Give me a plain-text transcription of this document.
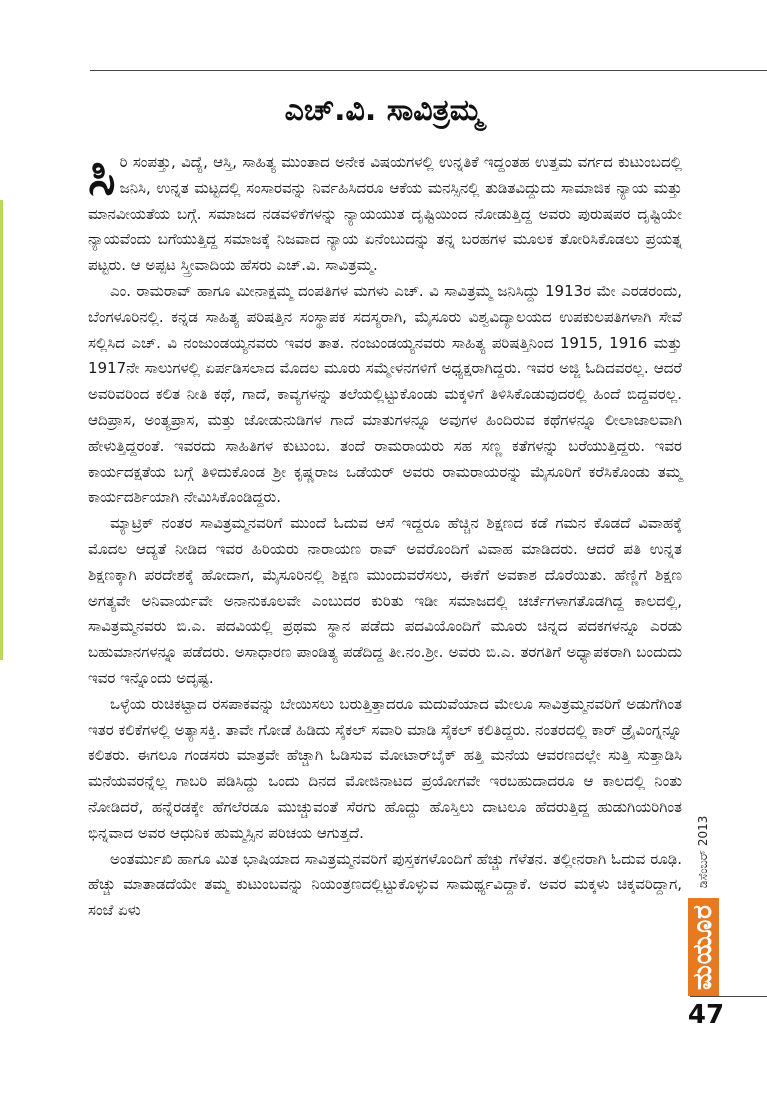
ಎಚ್.ವಿ. ಸಾವಿತ್ರಮ್ಮ

ಸಿರಿ ಸಂಪತ್ತು, ವಿದ್ಯೆ, ಆಸ್ತಿ, ಸಾಹಿತ್ಯ ಮುಂತಾದ ಅನೇಕ ವಿಷಯಗಳಲ್ಲಿ ಉನ್ನತಿಕೆ ಇದ್ದಂತಹ ಉತ್ತಮ ವರ್ಗದ ಕುಟುಂಬದಲ್ಲಿ ಜನಿಸಿ, ಉನ್ನತ ಮಟ್ಟದಲ್ಲಿ ಸಂಸಾರವನ್ನು ನಿರ್ವಹಿಸಿದರೂ ಆಕೆಯ ಮನಸ್ಸಿನಲ್ಲಿ ತುಡಿತವಿದ್ದುದು ಸಾಮಾಜಿಕ ನ್ಯಾಯ ಮತ್ತು ಮಾನವೀಯತೆಯ ಬಗ್ಗೆ. ಸಮಾಜದ ನಡವಳಿಕೆಗಳನ್ನು ನ್ಯಾಯಯುತ ದೃಷ್ಟಿಯಿಂದ ನೋಡುತ್ತಿದ್ದ ಅವರು ಪುರುಷಪರ ದೃಷ್ಟಿಯೇ ನ್ಯಾಯವೆಂದು ಬಗೆಯುತ್ತಿದ್ದ ಸಮಾಜಕ್ಕೆ ನಿಜವಾದ ನ್ಯಾಯ ಏನೆಂಬುದನ್ನು ತನ್ನ ಬರಹಗಳ ಮೂಲಕ ತೋರಿಸಿಕೊಡಲು ಪ್ರಯತ್ನ ಪಟ್ಟರು. ಆ ಅಪ್ಪಟ ಸ್ತ್ರೀವಾದಿಯ ಹೆಸರು ಎಚ್.ವಿ. ಸಾವಿತ್ರಮ್ಮ.

ಎಂ. ರಾಮರಾವ್ ಹಾಗೂ ಮೀನಾಕ್ಷಮ್ಮ ದಂಪತಿಗಳ ಮಗಳು ಎಚ್. ವಿ ಸಾವಿತ್ರಮ್ಮ ಜನಿಸಿದ್ದು 1913ರ ಮೇ ಎರಡರಂದು, ಬೆಂಗಳೂರಿನಲ್ಲಿ. ಕನ್ನಡ ಸಾಹಿತ್ಯ ಪರಿಷತ್ತಿನ ಸಂಸ್ಥಾಪಕ ಸದಸ್ಯರಾಗಿ, ಮೈಸೂರು ವಿಶ್ವವಿದ್ಯಾಲಯದ ಉಪಕುಲಪತಿಗಳಾಗಿ ಸೇವೆ ಸಲ್ಲಿಸಿದ ಎಚ್. ವಿ ನಂಜುಂಡಯ್ಯನವರು ಇವರ ತಾತ. ನಂಜುಂಡಯ್ಯನವರು ಸಾಹಿತ್ಯ ಪರಿಷತ್ತಿನಿಂದ 1915, 1916 ಮತ್ತು 1917ನೇ ಸಾಲುಗಳಲ್ಲಿ ಏರ್ಪಡಿಸಲಾದ ಮೊದಲ ಮೂರು ಸಮ್ಮೇಳನಗಳಿಗೆ ಅಧ್ಯಕ್ಷರಾಗಿದ್ದರು. ಇವರ ಅಜ್ಜಿ ಓದಿದವರಲ್ಲ. ಆದರೆ ಅವರಿವರಿಂದ ಕಲಿತ ನೀತಿ ಕಥೆ, ಗಾದೆ, ಕಾವ್ಯಗಳನ್ನು ತಲೆಯಲ್ಲಿಟ್ಟುಕೊಂಡು ಮಕ್ಕಳಿಗೆ ತಿಳಿಸಿಕೊಡುವುದರಲ್ಲಿ ಹಿಂದೆ ಬಿದ್ದವರಲ್ಲ. ಆದಿಪ್ರಾಸ, ಅಂತ್ಯಪ್ರಾಸ, ಮತ್ತು ಜೋಡುನುಡಿಗಳ ಗಾದೆ ಮಾತುಗಳನ್ನೂ ಅವುಗಳ ಹಿಂದಿರುವ ಕಥೆಗಳನ್ನೂ ಲೀಲಾಜಾಲವಾಗಿ ಹೇಳುತ್ತಿದ್ದರಂತೆ. ಇವರದು ಸಾಹಿತಿಗಳ ಕುಟುಂಬ. ತಂದೆ ರಾಮರಾಯರು ಸಹ ಸಣ್ಣ ಕತೆಗಳನ್ನು ಬರೆಯುತ್ತಿದ್ದರು. ಇವರ ಕಾರ್ಯದಕ್ಷತೆಯ ಬಗ್ಗೆ ತಿಳಿದುಕೊಂಡ ಶ್ರೀ ಕೃಷ್ಣರಾಜ ಒಡೆಯರ್ ಅವರು ರಾಮರಾಯರನ್ನು ಮೈಸೂರಿಗೆ ಕರೆಸಿಕೊಂಡು ತಮ್ಮ ಕಾರ್ಯದರ್ಶಿಯಾಗಿ ನೇಮಿಸಿಕೊಂಡಿದ್ದರು.

ಮ್ಯಾಟ್ರಿಕ್ ನಂತರ ಸಾವಿತ್ರಮ್ಮನವರಿಗೆ ಮುಂದೆ ಓದುವ ಆಸೆ ಇದ್ದರೂ ಹೆಚ್ಚಿನ ಶಿಕ್ಷಣದ ಕಡೆ ಗಮನ ಕೊಡದೆ ವಿವಾಹಕ್ಕೆ ಮೊದಲ ಆದ್ಯತೆ ನೀಡಿದ ಇವರ ಹಿರಿಯರು ನಾರಾಯಣ ರಾವ್ ಅವರೊಂದಿಗೆ ವಿವಾಹ ಮಾಡಿದರು. ಆದರೆ ಪತಿ ಉನ್ನತ ಶಿಕ್ಷಣಕ್ಕಾಗಿ ಪರದೇಶಕ್ಕೆ ಹೋದಾಗ, ಮೈಸೂರಿನಲ್ಲಿ ಶಿಕ್ಷಣ ಮುಂದುವರೆಸಲು, ಈಕೆಗೆ ಅವಕಾಶ ದೊರೆಯಿತು. ಹೆಣ್ಣಿಗೆ ಶಿಕ್ಷಣ ಅಗತ್ಯವೇ ಅನಿವಾರ್ಯವೇ ಅನಾನುಕೂಲವೇ ಎಂಬುದರ ಕುರಿತು ಇಡೀ ಸಮಾಜದಲ್ಲಿ ಚರ್ಚೆಗಳಾಗತೊಡಗಿದ್ದ ಕಾಲದಲ್ಲಿ, ಸಾವಿತ್ರಮ್ಮನವರು ಬಿ.ಎ. ಪದವಿಯಲ್ಲಿ ಪ್ರಥಮ ಸ್ಥಾನ ಪಡೆದು ಪದವಿಯೊಂದಿಗೆ ಮೂರು ಚಿನ್ನದ ಪದಕಗಳನ್ನೂ ಎರಡು ಬಹುಮಾನಗಳನ್ನೂ ಪಡೆದರು. ಅಸಾಧಾರಣ ಪಾಂಡಿತ್ಯ ಪಡೆದಿದ್ದ ತೀ.ನಂ.ಶ್ರೀ. ಅವರು ಬಿ.ಎ. ತರಗತಿಗೆ ಅಧ್ಯಾಪಕರಾಗಿ ಬಂದುದು ಇವರ ಇನ್ನೊಂದು ಅದೃಷ್ಟ.

ಒಳ್ಳೆಯ ರುಚಿಕಟ್ಟಾದ ರಸಪಾಕವನ್ನು ಬೇಯಿಸಲು ಬರುತ್ತಿತ್ತಾದರೂ ಮದುವೆಯಾದ ಮೇಲೂ ಸಾವಿತ್ರಮ್ಮನವರಿಗೆ ಅಡುಗೆಗಿಂತ ಇತರ ಕಲಿಕೆಗಳಲ್ಲಿ ಅತ್ಯಾಸಕ್ತಿ. ತಾವೇ ಗೋಡೆ ಹಿಡಿದು ಸೈಕಲ್ ಸವಾರಿ ಮಾಡಿ ಸೈಕಲ್ ಕಲಿತಿದ್ದರು. ನಂತರದಲ್ಲಿ ಕಾರ್ ಡ್ರೈವಿಂಗ್ನನ್ನೂ ಕಲಿತರು. ಈಗಲೂ ಗಂಡಸರು ಮಾತ್ರವೇ ಹೆಚ್ಚಾಗಿ ಓಡಿಸುವ ಮೋಟಾರ್‌ಬೈಕ್ ಹತ್ತಿ ಮನೆಯ ಆವರಣದಲ್ಲೇ ಸುತ್ತಿ ಸುತ್ತಾಡಿಸಿ ಮನೆಯವರನ್ನೆಲ್ಲ ಗಾಬರಿ ಪಡಿಸಿದ್ದು ಒಂದು ದಿನದ ಮೋಜಿನಾಟದ ಪ್ರಯೋಗವೇ ಇರಬಹುದಾದರೂ ಆ ಕಾಲದಲ್ಲಿ ನಿಂತು ನೋಡಿದರೆ, ಹನ್ನೆರಡಕ್ಕೇ ಹೆಗಲೆರಡೂ ಮುಚ್ಚುವಂತೆ ಸೆರಗು ಹೊದ್ದು ಹೊಸ್ತಿಲು ದಾಟಲೂ ಹೆದರುತ್ತಿದ್ದ ಹುಡುಗಿಯರಿಗಿಂತ ಭಿನ್ನವಾದ ಅವರ ಆಧುನಿಕ ಹುಮ್ಮಸ್ಸಿನ ಪರಿಚಯ ಆಗುತ್ತದೆ.

ಅಂತರ್ಮುಖಿ ಹಾಗೂ ಮಿತ ಭಾಷಿಯಾದ ಸಾವಿತ್ರಮ್ಮನವರಿಗೆ ಪುಸ್ತಕಗಳೊಂದಿಗೆ ಹೆಚ್ಚು ಗೆಳೆತನ. ತಲ್ಲೀನರಾಗಿ ಓದುವ ರೂಢಿ. ಹೆಚ್ಚು ಮಾತಾಡದೆಯೇ ತಮ್ಮ ಕುಟುಂಬವನ್ನು ನಿಯಂತ್ರಣದಲ್ಲಿಟ್ಟುಕೊಳ್ಳುವ ಸಾಮರ್ಥ್ಯವಿದ್ದಾಕೆ. ಅವರ ಮಕ್ಕಳು ಚಿಕ್ಕವರಿದ್ದಾಗ, ಸಂಜೆ ಏಳು	ಮಯೂರ
ಡಿಸೆಂಬರ್ 2013
47
